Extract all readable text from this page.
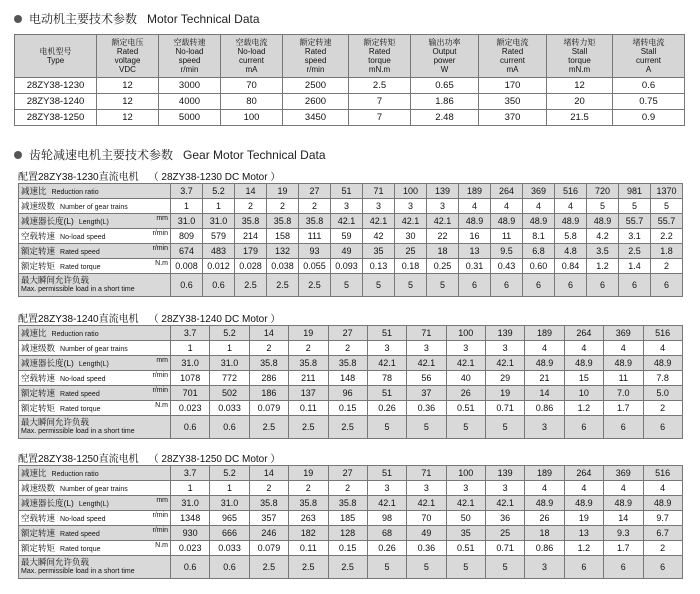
电动机主要技术参数 Motor Technical Data
电机型号
Type	额定电压
Rated
voltage
VDC	空载转速
No-load
speed
r/min	空载电流
No-load
current
mA	额定转速
Rated
speed
r/min	额定转矩
Rated
torque
mN.m	输出功率
Output
power
W	额定电流
Rated
current
mA	堵转力矩
Stall
torque
mN.m	堵转电流
Stall
current
A
28ZY38-1230	12	3000	70	2500	2.5	0.65	170	12	0.6
28ZY38-1240	12	4000	80	2600	7	1.86	350	20	0.75
28ZY38-1250	12	5000	100	3450	7	2.48	370	21.5	0.9
齿轮减速电机主要技术参数 Gear Motor Technical Data
配置28ZY38-1230直流电机 （ 28ZY38-1230 DC Motor ）
减速比 Reduction ratio	3.7	5.2	14	19	27	51	71	100	139	189	264	369	516	720	981	1370
减速级数 Number of gear trains	1	1	2	2	2	3	3	3	3	4	4	4	4	5	5	5

mm
减速器长度(L) Length(L)	31.0	31.0	35.8	35.8	35.8	42.1	42.1	42.1	42.1	48.9	48.9	48.9	48.9	48.9	55.7	55.7

r/min
空载转速 No-load speed	809	579	214	158	111	59	42	30	22	16	11	8.1	5.8	4.2	3.1	2.2

r/min
额定转速 Rated speed	674	483	179	132	93	49	35	25	18	13	9.5	6.8	4.8	3.5	2.5	1.8

N.m
额定转矩 Rated torque	0.008	0.012	0.028	0.038	0.055	0.093	0.13	0.18	0.25	0.31	0.43	0.60	0.84	1.2	1.4	2

最大瞬间允许负载
Max. permissible load in a short time	0.6	0.6	2.5	2.5	2.5	5	5	5	5	6	6	6	6	6	6	6
配置28ZY38-1240直流电机 （ 28ZY38-1240 DC Motor ）
减速比 Reduction ratio	3.7	5.2	14	19	27	51	71	100	139	189	264	369	516
减速级数 Number of gear trains	1	1	2	2	2	3	3	3	3	4	4	4	4

mm
减速器长度(L) Length(L)	31.0	31.0	35.8	35.8	35.8	42.1	42.1	42.1	42.1	48.9	48.9	48.9	48.9

r/min
空载转速 No-load speed	1078	772	286	211	148	78	56	40	29	21	15	11	7.8

r/min
额定转速 Rated speed	701	502	186	137	96	51	37	26	19	14	10	7.0	5.0

N.m
额定转矩 Rated torque	0.023	0.033	0.079	0.11	0.15	0.26	0.36	0.51	0.71	0.86	1.2	1.7	2

最大瞬间允许负载
Max. permissible load in a short time	0.6	0.6	2.5	2.5	2.5	5	5	5	5	3	6	6	6
配置28ZY38-1250直流电机 （ 28ZY38-1250 DC Motor ）
减速比 Reduction ratio	3.7	5.2	14	19	27	51	71	100	139	189	264	369	516
减速级数 Number of gear trains	1	1	2	2	2	3	3	3	3	4	4	4	4

mm
减速器长度(L) Length(L)	31.0	31.0	35.8	35.8	35.8	42.1	42.1	42.1	42.1	48.9	48.9	48.9	48.9

r/min
空载转速 No-load speed	1348	965	357	263	185	98	70	50	36	26	19	14	9.7

r/min
额定转速 Rated speed	930	666	246	182	128	68	49	35	25	18	13	9.3	6.7

N.m
额定转矩 Rated torque	0.023	0.033	0.079	0.11	0.15	0.26	0.36	0.51	0.71	0.86	1.2	1.7	2

最大瞬间允许负载
Max. permissible load in a short time	0.6	0.6	2.5	2.5	2.5	5	5	5	5	3	6	6	6
